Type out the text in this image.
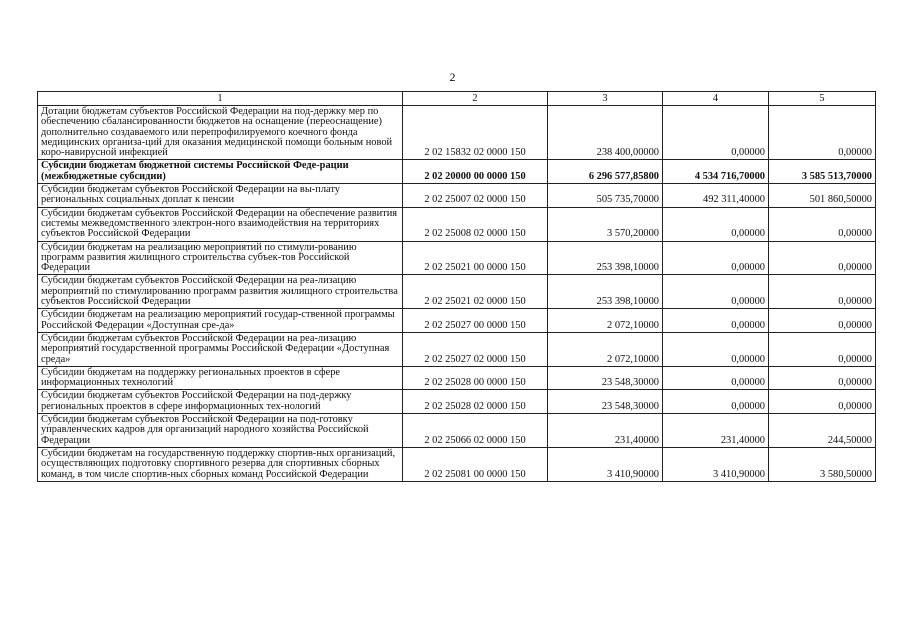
2
1	2	3	4	5
Дотации бюджетам субъектов Российской Федерации на под-держку мер по обеспечению сбалансированности бюджетов на оснащение (переоснащение) дополнительно создаваемого или перепрофилируемого коечного фонда медицинских организа-ций для оказания медицинской помощи больным новой коро-навирусной инфекцией	2 02 15832 02 0000 150	238 400,00000	0,00000	0,00000
Субсидии бюджетам бюджетной системы Российской Феде-рации (межбюджетные субсидии)	2 02 20000 00 0000 150	6 296 577,85800	4 534 716,70000	3 585 513,70000
Субсидии бюджетам субъектов Российской Федерации на вы-плату региональных социальных доплат к пенсии	2 02 25007 02 0000 150	505 735,70000	492 311,40000	501 860,50000
Субсидии бюджетам субъектов Российской Федерации на обеспечение развития системы межведомственного электрон-ного взаимодействия на территориях субъектов Российской Федерации	2 02 25008 02 0000 150	3 570,20000	0,00000	0,00000
Субсидии бюджетам на реализацию мероприятий по стимули-рованию программ развития жилищного строительства субъек-тов Российской Федерации	2 02 25021 00 0000 150	253 398,10000	0,00000	0,00000
Субсидии бюджетам субъектов Российской Федерации на реа-лизацию мероприятий по стимулированию программ развития жилищного строительства субъектов Российской Федерации	2 02 25021 02 0000 150	253 398,10000	0,00000	0,00000
Субсидии бюджетам на реализацию мероприятий государ-ственной программы Российской Федерации «Доступная сре-да»	2 02 25027 00 0000 150	2 072,10000	0,00000	0,00000
Субсидии бюджетам субъектов Российской Федерации на реа-лизацию мероприятий государственной программы Российской Федерации «Доступная среда»	2 02 25027 02 0000 150	2 072,10000	0,00000	0,00000
Субсидии бюджетам на поддержку региональных проектов в сфере информационных технологий	2 02 25028 00 0000 150	23 548,30000	0,00000	0,00000
Субсидии бюджетам субъектов Российской Федерации на под-держку региональных проектов в сфере информационных тех-нологий	2 02 25028 02 0000 150	23 548,30000	0,00000	0,00000
Субсидии бюджетам субъектов Российской Федерации на под-готовку управленческих кадров для организаций народного хозяйства Российской Федерации	2 02 25066 02 0000 150	231,40000	231,40000	244,50000
Субсидии бюджетам на государственную поддержку спортив-ных организаций, осуществляющих подготовку спортивного резерва для спортивных сборных команд, в том числе спортив-ных сборных команд Российской Федерации	2 02 25081 00 0000 150	3 410,90000	3 410,90000	3 580,50000
